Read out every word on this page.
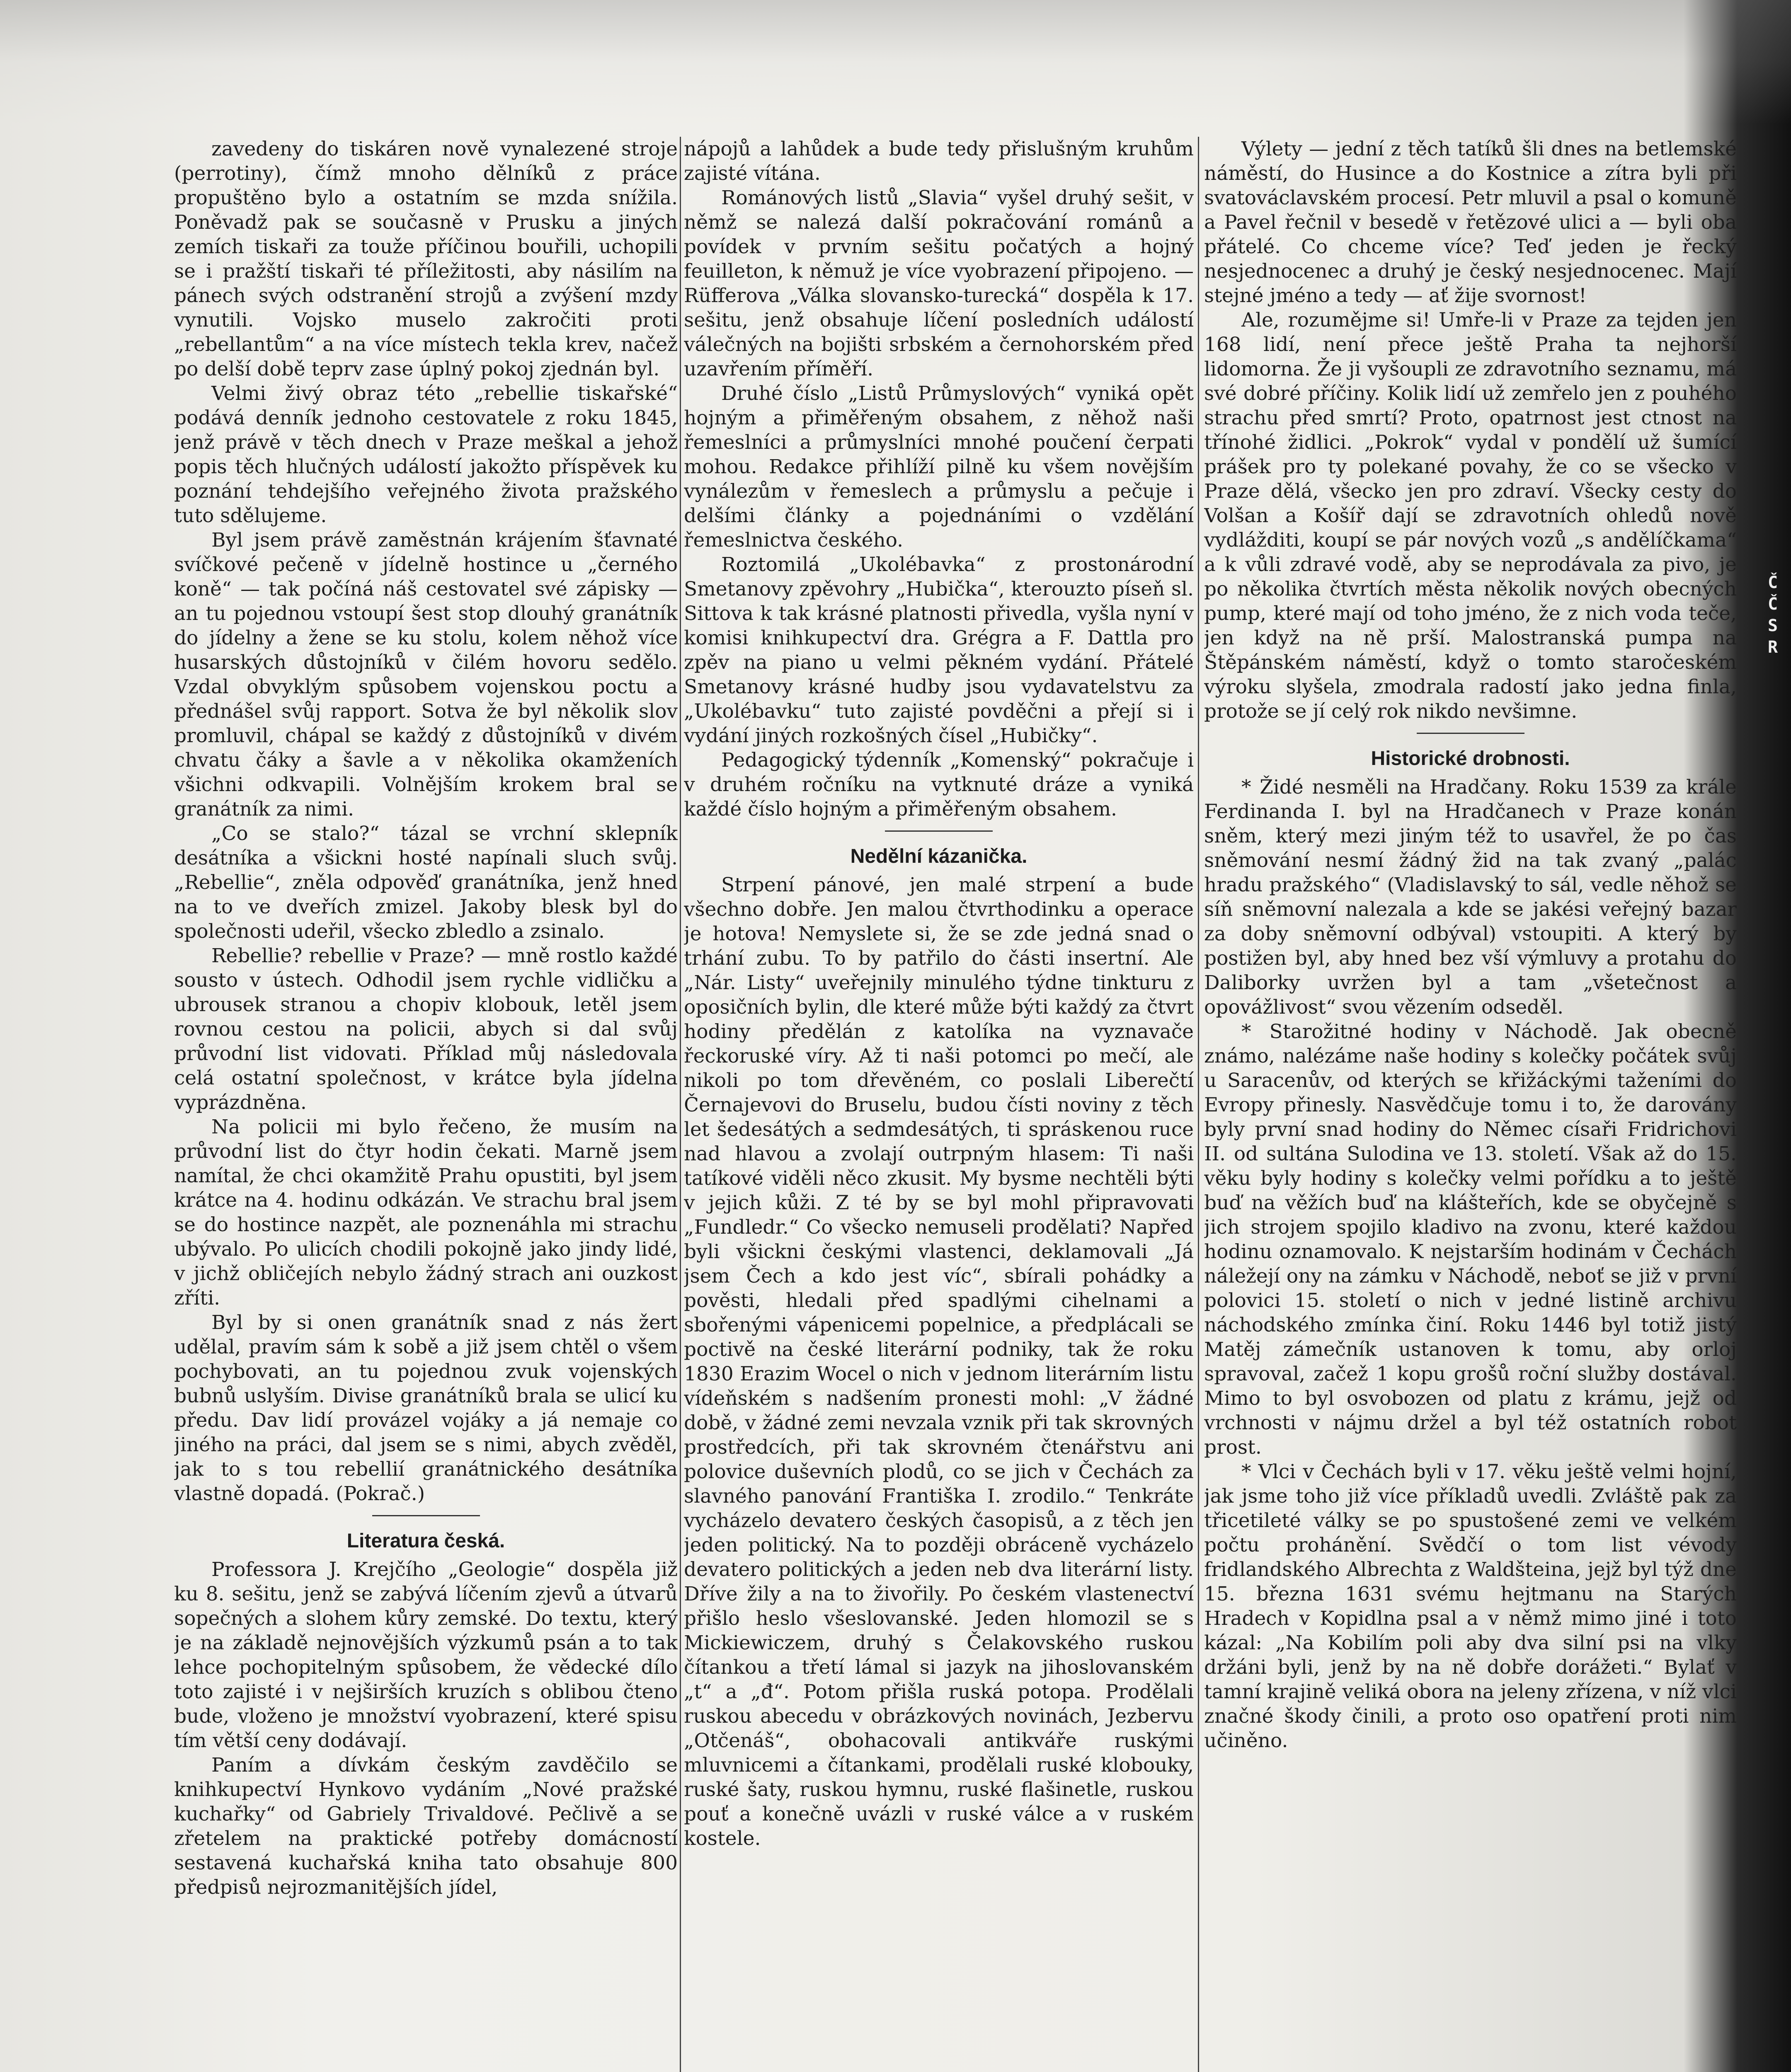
zavedeny do tiskáren nově vynalezené stroje (perrotiny), čímž mnoho dělníků z práce propuštěno bylo a ostatním se mzda snížila. Poněvadž pak se současně v Prusku a jiných zemích tiskaři za touže příčinou bouřili, uchopili se i pražští tiskaři té příležitosti, aby násilím na pánech svých odstranění strojů a zvýšení mzdy vynutili. Vojsko muselo zakročiti proti „rebellantům“ a na více místech tekla krev, načež po delší době teprv zase úplný pokoj zjednán byl.

Velmi živý obraz této „rebellie tiskařské“ podává denník jednoho cestovatele z roku 1845, jenž právě v těch dnech v Praze meškal a jehož popis těch hlučných událostí jakožto příspěvek ku poznání tehdejšího veřejného života pražského tuto sdělujeme.

Byl jsem právě zaměstnán krájením šťavnaté svíčkové pečeně v jídelně hostince u „černého koně“ — tak počíná náš cestovatel své zápisky — an tu pojednou vstoupí šest stop dlouhý granátník do jídelny a žene se ku stolu, kolem něhož více husarských důstojníků v čilém hovoru sedělo. Vzdal obvyklým spůsobem vojenskou poctu a přednášel svůj rapport. Sotva že byl několik slov promluvil, chápal se každý z důstojníků v divém chvatu čáky a šavle a v několika okamženích všichni odkvapili. Volnějším krokem bral se granátník za nimi.

„Co se stalo?“ tázal se vrchní sklepník desátníka a všickni hosté napínali sluch svůj. „Rebellie“, zněla odpověď granátníka, jenž hned na to ve dveřích zmizel. Jakoby blesk byl do společnosti udeřil, všecko zbledlo a zsinalo.

Rebellie? rebellie v Praze? — mně rostlo každé sousto v ústech. Odhodil jsem rychle vidličku a ubrousek stranou a chopiv klobouk, letěl jsem rovnou cestou na policii, abych si dal svůj průvodní list vidovati. Příklad můj následovala celá ostatní společnost, v krátce byla jídelna vyprázdněna.

Na policii mi bylo řečeno, že musím na průvodní list do čtyr hodin čekati. Marně jsem namítal, že chci okamžitě Prahu opustiti, byl jsem krátce na 4. hodinu odkázán. Ve strachu bral jsem se do hostince nazpět, ale poznenáhla mi strachu ubývalo. Po ulicích chodili pokojně jako jindy lidé, v jichž obličejích nebylo žádný strach ani ouzkost zříti.

Byl by si onen granátník snad z nás žert udělal, pravím sám k sobě a již jsem chtěl o všem pochybovati, an tu pojednou zvuk vojenských bubnů uslyším. Divise granátníků brala se ulicí ku předu. Dav lidí provázel vojáky a já nemaje co jiného na práci, dal jsem se s nimi, abych zvěděl, jak to s tou rebellií granátnického desátníka vlastně dopadá. (Pokrač.)

Literatura česká.

Professora J. Krejčího „Geologie“ dospěla již ku 8. sešitu, jenž se zabývá líčením zjevů a útvarů sopečných a slohem kůry zemské. Do textu, který je na základě nejnovějších výzkumů psán a to tak lehce pochopitelným spůsobem, že vědecké dílo toto zajisté i v nejširších kruzích s oblibou čteno bude, vloženo je množství vyobrazení, které spisu tím větší ceny dodávají.

Paním a dívkám českým zavděčilo se knihkupectví Hynkovo vydáním „Nové pražské kuchařky“ od Gabriely Trivaldové. Pečlivě a se zřetelem na praktické potřeby domácností sestavená kuchařská kniha tato obsahuje 800 předpisů nejrozmanitějších jídel,

nápojů a lahůdek a bude tedy přislušným kruhům zajisté vítána.

Románových listů „Slavia“ vyšel druhý sešit, v němž se nalezá další pokračování románů a povídek v prvním sešitu počatých a hojný feuilleton, k němuž je více vyobrazení připojeno. — Rüfferova „Válka slovansko-turecká“ dospěla k 17. sešitu, jenž obsahuje líčení posledních událostí válečných na bojišti srbském a černohorském před uzavřením příměří.

Druhé číslo „Listů Průmyslových“ vyniká opět hojným a přiměřeným obsahem, z něhož naši řemeslníci a průmyslníci mnohé poučení čerpati mohou. Redakce přihlíží pilně ku všem novějším vynálezům v řemeslech a průmyslu a pečuje i delšími články a pojednáními o vzdělání řemeslnictva českého.

Roztomilá „Ukolébavka“ z prostonárodní Smetanovy zpěvohry „Hubička“, kterouzto píseň sl. Sittova k tak krásné platnosti přivedla, vyšla nyní v komisi knihkupectví dra. Grégra a F. Dattla pro zpěv na piano u velmi pěkném vydání. Přátelé Smetanovy krásné hudby jsou vydavatelstvu za „Ukolébavku“ tuto zajisté povděčni a přejí si i vydání jiných rozkošných čísel „Hubičky“.

Pedagogický týdenník „Komenský“ pokračuje i v druhém ročníku na vytknuté dráze a vyniká každé číslo hojným a přiměřeným obsahem.

Nedělní kázanička.

Strpení pánové, jen malé strpení a bude všechno dobře. Jen malou čtvrthodinku a operace je hotova! Nemyslete si, že se zde jedná snad o trhání zubu. To by patřilo do části insertní. Ale „Nár. Listy“ uveřejnily minulého týdne tinkturu z oposičních bylin, dle které může býti každý za čtvrt hodiny předělán z katolíka na vyznavače řeckoruské víry. Až ti naši potomci po mečí, ale nikoli po tom dřevěném, co poslali Liberečtí Černajevovi do Bruselu, budou čísti noviny z těch let šedesátých a sedmdesátých, ti spráskenou ruce nad hlavou a zvolají outrpným hlasem: Ti naši tatíkové viděli něco zkusit. My bysme nechtěli býti v jejich kůži. Z té by se byl mohl připravovati „Fundledr.“ Co všecko nemuseli prodělati? Napřed byli všickni českými vlastenci, deklamovali „Já jsem Čech a kdo jest víc“, sbírali pohádky a pověsti, hledali před spadlými cihelnami a sbořenými vápenicemi popelnice, a předplácali se poctivě na české literární podniky, tak že roku 1830 Erazim Wocel o nich v jednom literárním listu vídeňském s nadšením pronesti mohl: „V žádné době, v žádné zemi nevzala vznik při tak skrovných prostředcích, při tak skrovném čtenářstvu ani polovice duševních plodů, co se jich v Čechách za slavného panování Františka I. zrodilo.“ Tenkráte vycházelo devatero českých časopisů, a z těch jen jeden politický. Na to později obráceně vycházelo devatero politických a jeden neb dva literární listy. Dříve žily a na to živořily. Po českém vlastenectví přišlo heslo všeslovanské. Jeden hlomozil se s Mickiewiczem, druhý s Čelakovského ruskou čítankou a třetí lámal si jazyk na jihoslovanském „t“ a „đ“. Potom přišla ruská potopa. Prodělali ruskou abecedu v obrázkových novinách, Jezbervu „Otčenáš“, obohacovali antikváře ruskými mluvnicemi a čítankami, prodělali ruské klobouky, ruské šaty, ruskou hymnu, ruské flašinetle, ruskou pouť a konečně uvázli v ruské válce a v ruském kostele.

Výlety — jední z těch tatíků šli dnes na betlemské náměstí, do Husince a do Kostnice a zítra byli při svatováclavském procesí. Petr mluvil a psal o komuně a Pavel řečnil v besedě v řetězové ulici a — byli oba přátelé. Co chceme více? Teď jeden je řecký nesjednocenec a druhý je český nesjednocenec. Mají stejné jméno a tedy — ať žije svornost!

Ale, rozumějme si! Umře-li v Praze za tejden jen 168 lidí, není přece ještě Praha ta nejhorší lidomorna. Že ji vyšoupli ze zdravotního seznamu, má své dobré příčiny. Kolik lidí už zemřelo jen z pouhého strachu před smrtí? Proto, opatrnost jest ctnost na třínohé židlici. „Pokrok“ vydal v pondělí už šumící prášek pro ty polekané povahy, že co se všecko v Praze dělá, všecko jen pro zdraví. Všecky cesty do Volšan a Košíř dají se zdravotních ohledů nově vydlážditi, koupí se pár nových vozů „s andělíčkama“ a k vůli zdravé vodě, aby se neprodávala za pivo, je po několika čtvrtích města několik nových obecných pump, které mají od toho jméno, že z nich voda teče, jen když na ně prší. Malostranská pumpa na Štěpánském náměstí, když o tomto staročeském výroku slyšela, zmodrala radostí jako jedna finla, protože se jí celý rok nikdo nevšimne.

Historické drobnosti.

* Židé nesměli na Hradčany. Roku 1539 za krále Ferdinanda I. byl na Hradčanech v Praze konán sněm, který mezi jiným též to usavřel, že po čas sněmování nesmí žádný žid na tak zvaný „palác hradu pražského“ (Vladislavský to sál, vedle něhož se síň sněmovní nalezala a kde se jakési veřejný bazar za doby sněmovní odbýval) vstoupiti. A který by postižen byl, aby hned bez vší výmluvy a protahu do Daliborky uvržen byl a tam „všetečnost a opovážlivost“ svou vězením odseděl.

* Starožitné hodiny v Náchodě. Jak obecně známo, nalézáme naše hodiny s kolečky počátek svůj u Saracenův, od kterých se křižáckými taženími do Evropy přinesly. Nasvědčuje tomu i to, že darovány byly první snad hodiny do Němec císaři Fridrichovi II. od sultána Sulodina ve 13. století. Však až do 15. věku byly hodiny s kolečky velmi pořídku a to ještě buď na věžích buď na klášteřích, kde se obyčejně s jich strojem spojilo kladivo na zvonu, které každou hodinu oznamovalo. K nejstarším hodinám v Čechách náležejí ony na zámku v Náchodě, neboť se již v první polovici 15. století o nich v jedné listině archivu náchodského zmínka činí. Roku 1446 byl totiž jistý Matěj zámečník ustanoven k tomu, aby orloj spravoval, začež 1 kopu grošů roční služby dostával. Mimo to byl osvobozen od platu z krámu, jejž od vrchnosti v nájmu držel a byl též ostatních robot prost.

* Vlci v Čechách byli v 17. věku ještě velmi hojní, jak jsme toho již více příkladů uvedli. Zvláště pak za třicetileté války se po spustošené zemi ve velkém počtu prohánění. Svědčí o tom list vévody fridlandského Albrechta z Waldšteina, jejž byl týž dne 15. března 1631 svému hejtmanu na Starých Hradech v Kopidlna psal a v němž mimo jiné i toto kázal: „Na Kobilím poli aby dva silní psi na vlky držáni byli, jenž by na ně dobře dorážeti.“ Bylať v tamní krajině veliká obora na jeleny zřízena, v níž vlci značné škody činili, a proto oso opatření proti nim učiněno.

Č
Č
S
R
